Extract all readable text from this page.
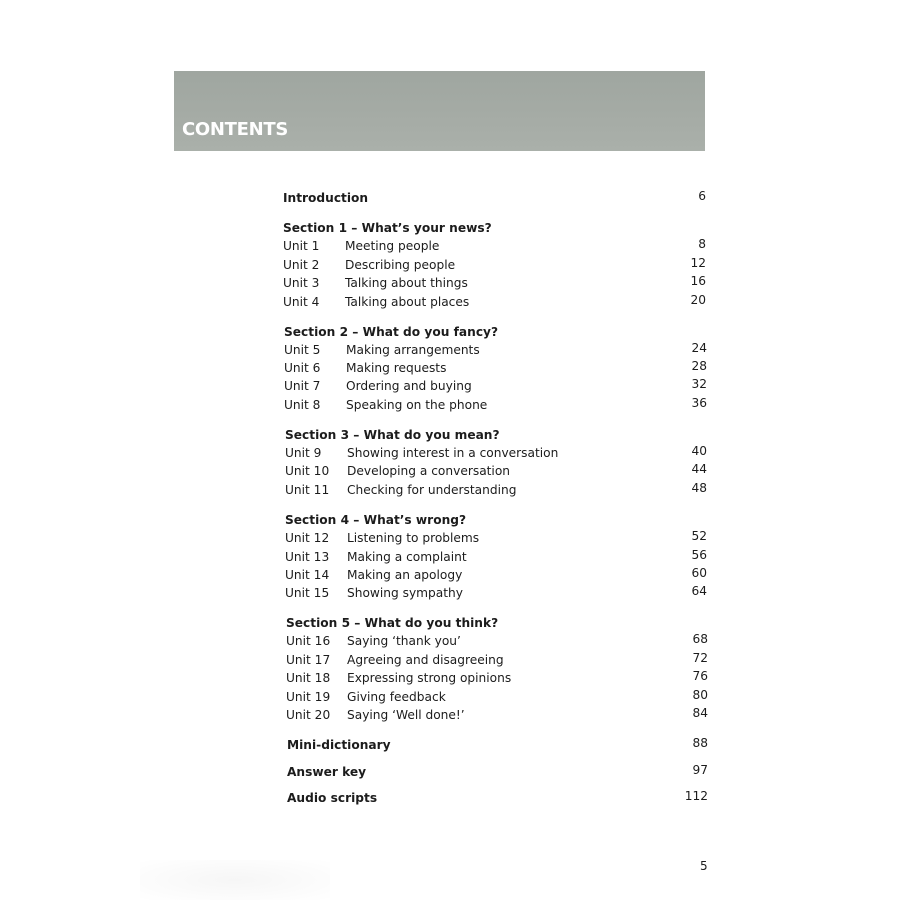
CONTENTS
Introduction	6
Section 1 – What’s your news?
Unit 1 Meeting people	8
Unit 2 Describing people	12
Unit 3 Talking about things	16
Unit 4 Talking about places	20
Section 2 – What do you fancy?
Unit 5 Making arrangements	24
Unit 6 Making requests	28
Unit 7 Ordering and buying	32
Unit 8 Speaking on the phone	36
Section 3 – What do you mean?
Unit 9 Showing interest in a conversation	40
Unit 10 Developing a conversation	44
Unit 11 Checking for understanding	48
Section 4 – What’s wrong?
Unit 12 Listening to problems	52
Unit 13 Making a complaint	56
Unit 14 Making an apology	60
Unit 15 Showing sympathy	64
Section 5 – What do you think?
Unit 16 Saying ‘thank you’	68
Unit 17 Agreeing and disagreeing	72
Unit 18 Expressing strong opinions	76
Unit 19 Giving feedback	80
Unit 20 Saying ‘Well done!’	84
Mini-dictionary	88
Answer key	97
Audio scripts	112
5
